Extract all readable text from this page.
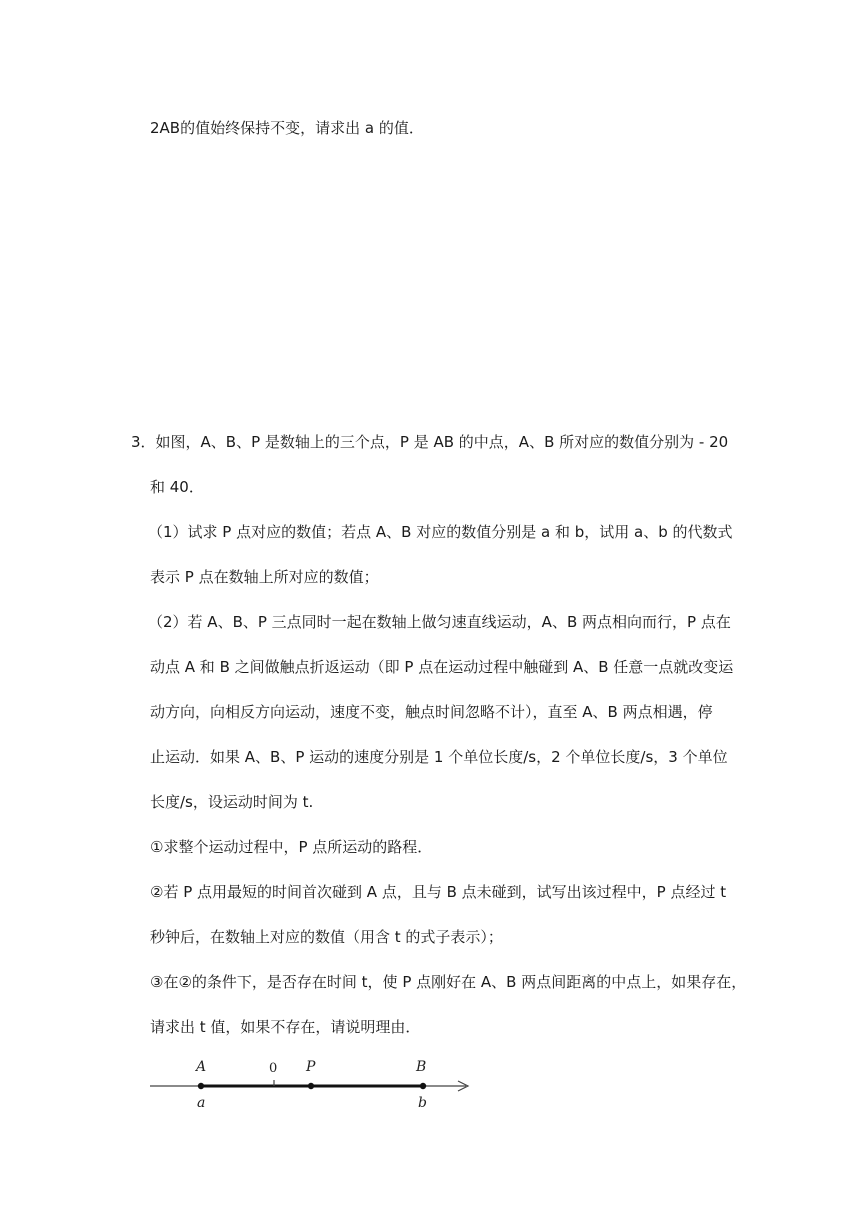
2AB的值始终保持不变，请求出 a 的值．
3．如图，A、B、P 是数轴上的三个点，P 是 AB 的中点，A、B 所对应的数值分别为 - 20
和 40．
（1）试求 P 点对应的数值；若点 A、B 对应的数值分别是 a 和 b，试用 a、b 的代数式
表示 P 点在数轴上所对应的数值；
（2）若 A、B、P 三点同时一起在数轴上做匀速直线运动，A、B 两点相向而行，P 点在
动点 A 和 B 之间做触点折返运动（即 P 点在运动过程中触碰到 A、B 任意一点就改变运
动方向，向相反方向运动，速度不变，触点时间忽略不计），直至 A、B 两点相遇，停
止运动．如果 A、B、P 运动的速度分别是 1 个单位长度/s，2 个单位长度/s，3 个单位
长度/s，设运动时间为 t.
①求整个运动过程中，P 点所运动的路程．
②若 P 点用最短的时间首次碰到 A 点，且与 B 点未碰到，试写出该过程中，P 点经过 t
秒钟后，在数轴上对应的数值（用含 t 的式子表示）；
③在②的条件下，是否存在时间 t，使 P 点刚好在 A、B 两点间距离的中点上，如果存在，
请求出 t 值，如果不存在，请说明理由．
A	0 P	B
a	b
